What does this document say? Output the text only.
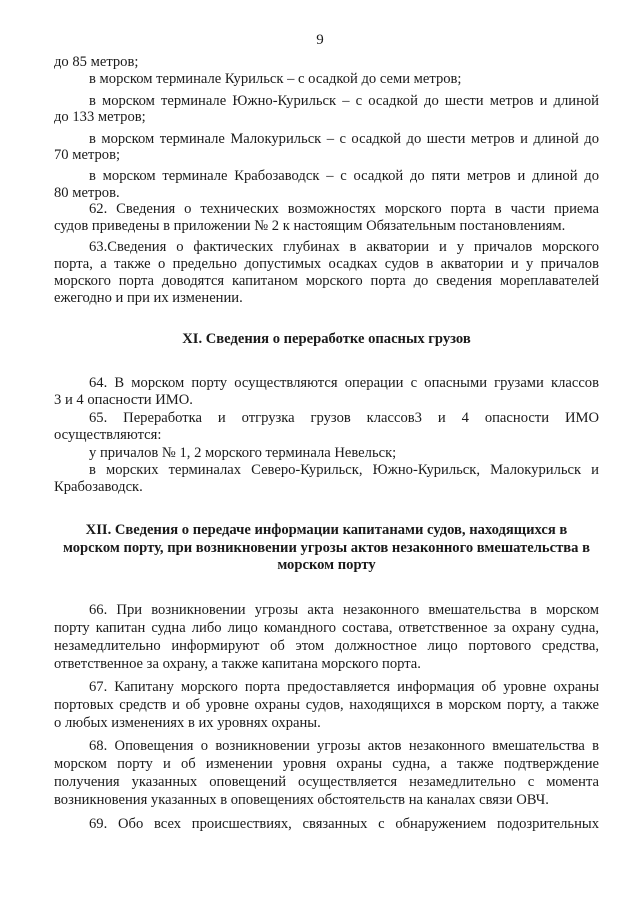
9
до 85 метров;
в морском терминале Курильск – с осадкой до семи метров;
в морском терминале Южно-Курильск – с осадкой до шести метров и длиной
до 133 метров;
в морском терминале Малокурильск – с осадкой до шести метров и длиной до
70 метров;
в морском терминале Крабозаводск – с осадкой до пяти метров и длиной до
80 метров.
62. Сведения о технических возможностях морского порта в части приема
судов приведены в приложении № 2 к настоящим Обязательным постановлениям.
63.Сведения о фактических глубинах в акватории и у причалов морского
порта, а также о предельно допустимых осадках судов в акватории и у причалов
морского порта доводятся капитаном морского порта до сведения мореплавателей
ежегодно и при их изменении.
XI. Сведения о переработке опасных грузов
64. В морском порту осуществляются операции с опасными грузами классов
3 и 4 опасности ИМО.
65. Переработка и отгрузка грузов классов3 и 4 опасности ИМО
осуществляются:
у причалов № 1, 2 морского терминала Невельск;
в морских терминалах Северо-Курильск, Южно-Курильск, Малокурильск и
Крабозаводск.
XII. Сведения о передаче информации капитанами судов, находящихся в
морском порту, при возникновении угрозы актов незаконного вмешательства в
морском порту
66. При возникновении угрозы акта незаконного вмешательства в морском
порту капитан судна либо лицо командного состава, ответственное за охрану судна,
незамедлительно информируют об этом должностное лицо портового средства,
ответственное за охрану, а также капитана морского порта.
67. Капитану морского порта предоставляется информация об уровне охраны
портовых средств и об уровне охраны судов, находящихся в морском порту, а также
о любых изменениях в их уровнях охраны.
68. Оповещения о возникновении угрозы актов незаконного вмешательства в
морском порту и об изменении уровня охраны судна, а также подтверждение
получения указанных оповещений осуществляется незамедлительно с момента
возникновения указанных в оповещениях обстоятельств на каналах связи ОВЧ.
69. Обо всех происшествиях, связанных с обнаружением подозрительных
